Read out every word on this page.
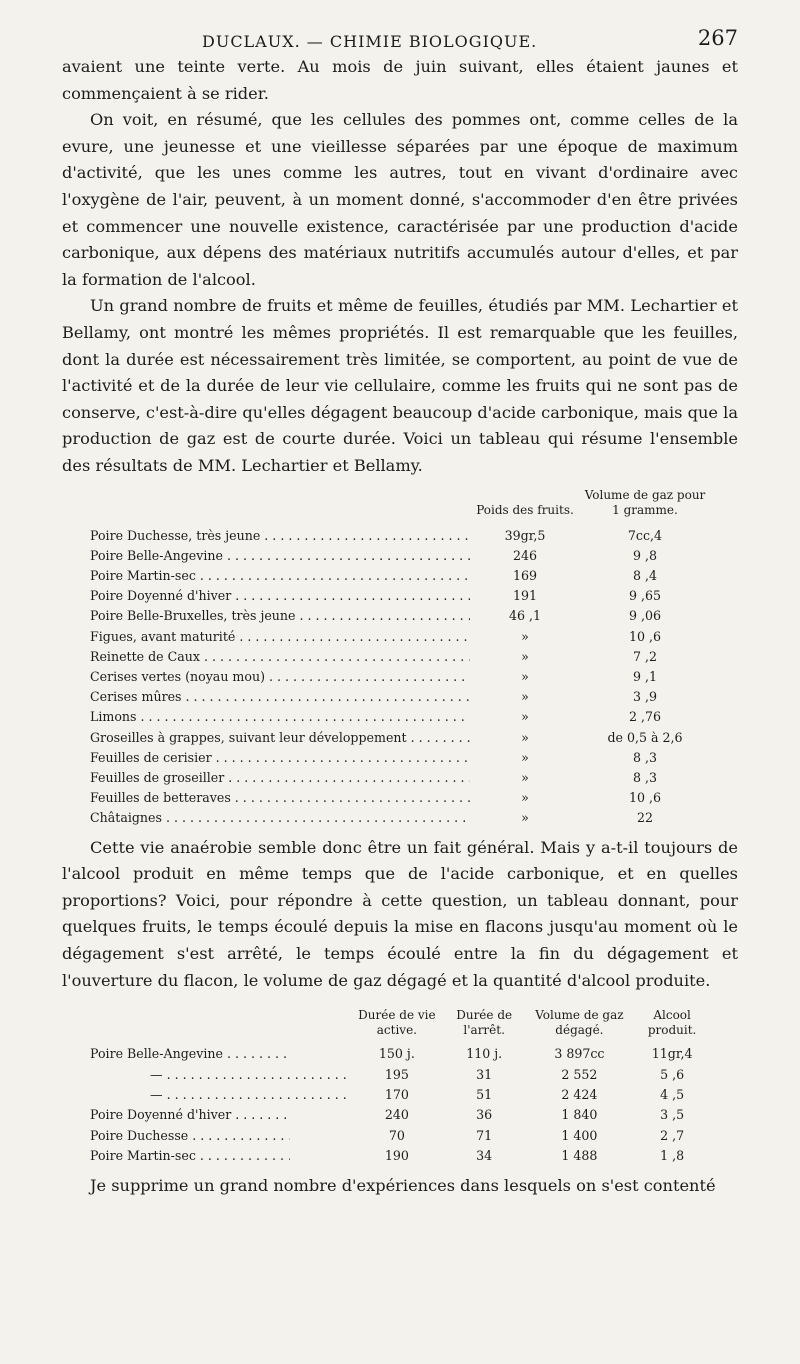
DUCLAUX. — CHIMIE BIOLOGIQUE.	267

avaient une teinte verte. Au mois de juin suivant, elles étaient jaunes et commençaient à se rider.

On voit, en résumé, que les cellules des pommes ont, comme celles de la evure, une jeunesse et une vieillesse séparées par une époque de maximum d'activité, que les unes comme les autres, tout en vivant d'ordinaire avec l'oxygène de l'air, peuvent, à un moment donné, s'accommoder d'en être privées et commencer une nouvelle existence, caractérisée par une production d'acide carbonique, aux dépens des matériaux nutritifs accumulés autour d'elles, et par la formation de l'alcool.

Un grand nombre de fruits et même de feuilles, étudiés par MM. Lechartier et Bellamy, ont montré les mêmes propriétés. Il est remarquable que les feuilles, dont la durée est nécessairement très limitée, se comportent, au point de vue de l'activité et de la durée de leur vie cellulaire, comme les fruits qui ne sont pas de conserve, c'est-à-dire qu'elles dégagent beaucoup d'acide carbonique, mais que la production de gaz est de courte durée. Voici un tableau qui résume l'ensemble des résultats de MM. Lechartier et Bellamy.

	Poids des fruits.	Volume de gaz pour 1 gramme.

Poire Duchesse, très jeune . . .	39gr,5	7cc,4

Poire Belle-Angevine . . .	246	9 ,8

Poire Martin-sec . . .	169	8 ,4

Poire Doyenné d'hiver . . .	191	9 ,65

Poire Belle-Bruxelles, très jeune . . .	46 ,1	9 ,06

Figues, avant maturité . . .	»	10 ,6

Reinette de Caux . . .	»	7 ,2

Cerises vertes (noyau mou) . . .	»	9 ,1

Cerises mûres . . .	»	3 ,9

Limons . . .	»	2 ,76

Groseilles à grappes, suivant leur développement . . .	»	de 0,5 à 2,6

Feuilles de cerisier . . .	»	8 ,3

Feuilles de groseiller . . .	»	8 ,3

Feuilles de betteraves . . .	»	10 ,6

Châtaignes . . .	»	22

Cette vie anaérobie semble donc être un fait général. Mais y a-t-il toujours de l'alcool produit en même temps que de l'acide carbonique, et en quelles proportions? Voici, pour répondre à cette question, un tableau donnant, pour quelques fruits, le temps écoulé depuis la mise en flacons jusqu'au moment où le dégagement s'est arrêté, le temps écoulé entre la fin du dégagement et l'ouverture du flacon, le volume de gaz dégagé et la quantité d'alcool produite.

	Durée de vie active.	Durée de l'arrêt.	Volume de gaz dégagé.	Alcool produit.

Poire Belle-Angevine . . .	150 j.	110 j.	3 897cc	11gr,4

— . . .	195	31	2 552	5 ,6

— . . .	170	51	2 424	4 ,5

Poire Doyenné d'hiver . . .	240	36	1 840	3 ,5

Poire Duchesse . . .	70	71	1 400	2 ,7

Poire Martin-sec . . .	190	34	1 488	1 ,8

Je supprime un grand nombre d'expériences dans lesquels on s'est contenté
